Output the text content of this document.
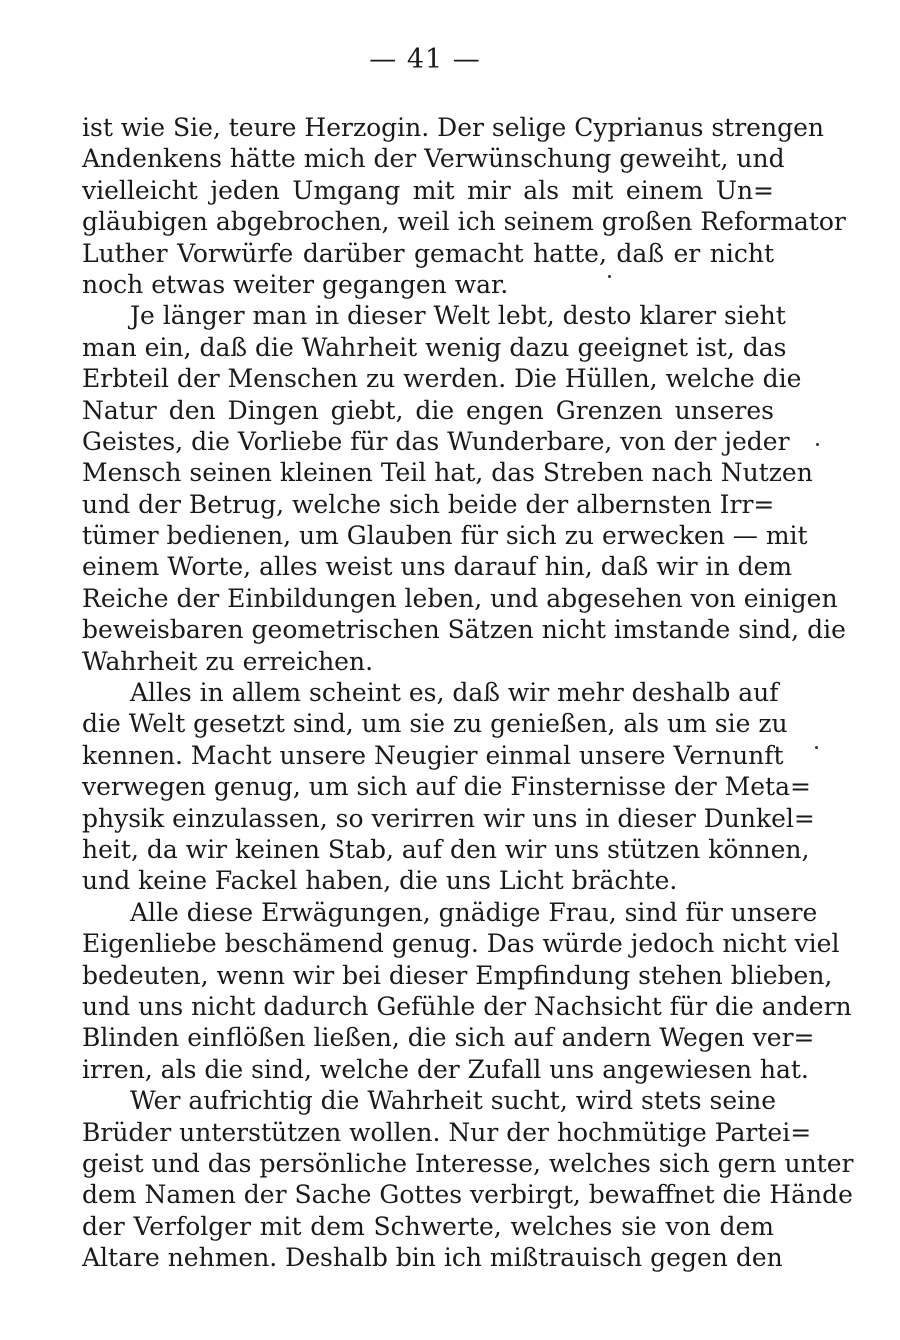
— 41 —
ist wie Sie, teure Herzogin. Der selige Cyprianus strengen
Andenkens hätte mich der Verwünschung geweiht, und
vielleicht jeden Umgang mit mir als mit einem Un=
gläubigen abgebrochen, weil ich seinem großen Reformator
Luther Vorwürfe darüber gemacht hatte, daß er nicht
noch etwas weiter gegangen war.
Je länger man in dieser Welt lebt, desto klarer sieht
man ein, daß die Wahrheit wenig dazu geeignet ist, das
Erbteil der Menschen zu werden. Die Hüllen, welche die
Natur den Dingen giebt, die engen Grenzen unseres
Geistes, die Vorliebe für das Wunderbare, von der jeder
Mensch seinen kleinen Teil hat, das Streben nach Nutzen
und der Betrug, welche sich beide der albernsten Irr=
tümer bedienen, um Glauben für sich zu erwecken — mit
einem Worte, alles weist uns darauf hin, daß wir in dem
Reiche der Einbildungen leben, und abgesehen von einigen
beweisbaren geometrischen Sätzen nicht imstande sind, die
Wahrheit zu erreichen.
Alles in allem scheint es, daß wir mehr deshalb auf
die Welt gesetzt sind, um sie zu genießen, als um sie zu
kennen. Macht unsere Neugier einmal unsere Vernunft
verwegen genug, um sich auf die Finsternisse der Meta=
physik einzulassen, so verirren wir uns in dieser Dunkel=
heit, da wir keinen Stab, auf den wir uns stützen können,
und keine Fackel haben, die uns Licht brächte.
Alle diese Erwägungen, gnädige Frau, sind für unsere
Eigenliebe beschämend genug. Das würde jedoch nicht viel
bedeuten, wenn wir bei dieser Empfindung stehen blieben,
und uns nicht dadurch Gefühle der Nachsicht für die andern
Blinden einflößen ließen, die sich auf andern Wegen ver=
irren, als die sind, welche der Zufall uns angewiesen hat.
Wer aufrichtig die Wahrheit sucht, wird stets seine
Brüder unterstützen wollen. Nur der hochmütige Partei=
geist und das persönliche Interesse, welches sich gern unter
dem Namen der Sache Gottes verbirgt, bewaffnet die Hände
der Verfolger mit dem Schwerte, welches sie von dem
Altare nehmen. Deshalb bin ich mißtrauisch gegen den
